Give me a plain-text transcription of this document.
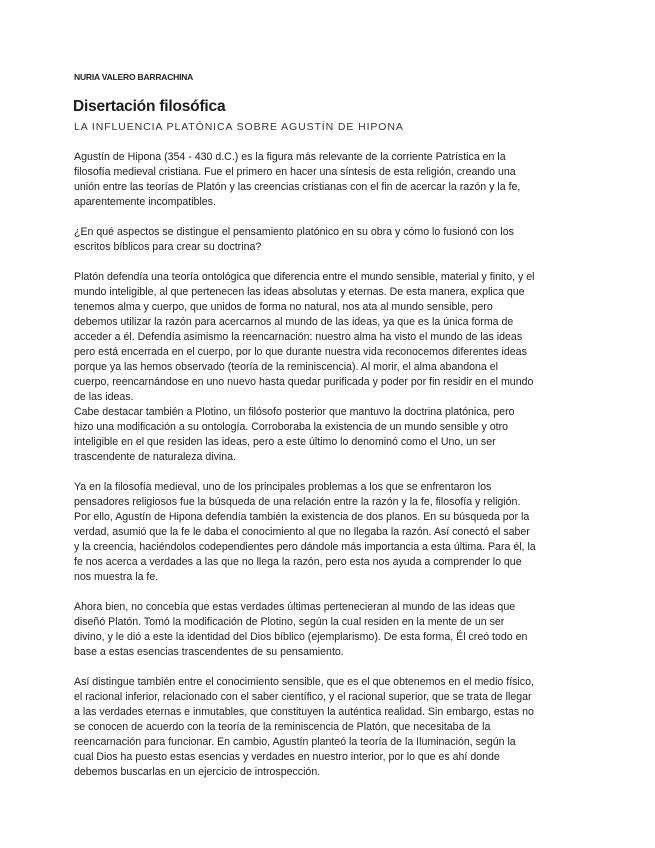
NURIA VALERO BARRACHINA
Disertación filosófica
LA INFLUENCIA PLATÓNICA SOBRE AGUSTÍN DE HIPONA

Agustín de Hipona (354 - 430 d.C.) es la figura más relevante de la corriente Patrística en la filosofía medieval cristiana. Fue el primero en hacer una síntesis de esta religión, creando una unión entre las teorías de Platón y las creencias cristianas con el fin de acercar la razón y la fe, aparentemente incompatibles.

¿En qué aspectos se distingue el pensamiento platónico en su obra y cómo lo fusionó con los escritos bíblicos para crear su doctrina?

Platón defendía una teoría ontológica que diferencia entre el mundo sensible, material y finito, y el mundo inteligible, al que pertenecen las ideas absolutas y eternas. De esta manera, explica que tenemos alma y cuerpo, que unidos de forma no natural, nos ata al mundo sensible, pero debemos utilizar la razón para acercarnos al mundo de las ideas, ya que es la única forma de acceder a él. Defendía asimismo la reencarnación: nuestro alma ha visto el mundo de las ideas pero está encerrada en el cuerpo, por lo que durante nuestra vida reconocemos diferentes ideas porque ya las hemos observado (teoría de la reminiscencia). Al morir, el alma abandona el cuerpo, reencarnándose en uno nuevo hasta quedar purificada y poder por fin residir en el mundo de las ideas.

Cabe destacar también a Plotino, un filósofo posterior que mantuvo la doctrina platónica, pero hizo una modificación a su ontología. Corroboraba la existencia de un mundo sensible y otro inteligible en el que residen las ideas, pero a este último lo denominó como el Uno, un ser trascendente de naturaleza divina.

Ya en la filosofía medieval, uno de los principales problemas a los que se enfrentaron los pensadores religiosos fue la búsqueda de una relación entre la razón y la fe, filosofía y religión. Por ello, Agustín de Hipona defendía también la existencia de dos planos. En su búsqueda por la verdad, asumió que la fe le daba el conocimiento al que no llegaba la razón. Así conectó el saber y la creencia, haciéndolos codependientes pero dándole más importancia a esta última. Para él, la fe nos acerca a verdades a las que no llega la razón, pero esta nos ayuda a comprender lo que nos muestra la fe.

Ahora bien, no concebía que estas verdades últimas pertenecieran al mundo de las ideas que diseñó Platón. Tomó la modificación de Plotino, según la cual residen en la mente de un ser divino, y le dió a este la identidad del Dios bíblico (ejemplarismo). De esta forma, Él creó todo en base a estas esencias trascendentes de su pensamiento.

Así distingue también entre el conocimiento sensible, que es el que obtenemos en el medio físico, el racional inferior, relacionado con el saber científico, y el racional superior, que se trata de llegar a las verdades eternas e inmutables, que constituyen la auténtica realidad. Sin embargo, estas no se conocen de acuerdo con la teoría de la reminiscencia de Platón, que necesitaba de la reencarnación para funcionar. En cambio, Agustín planteó la teoría de la Iluminación, según la cual Dios ha puesto estas esencias y verdades en nuestro interior, por lo que es ahí donde debemos buscarlas en un ejercicio de introspección.
